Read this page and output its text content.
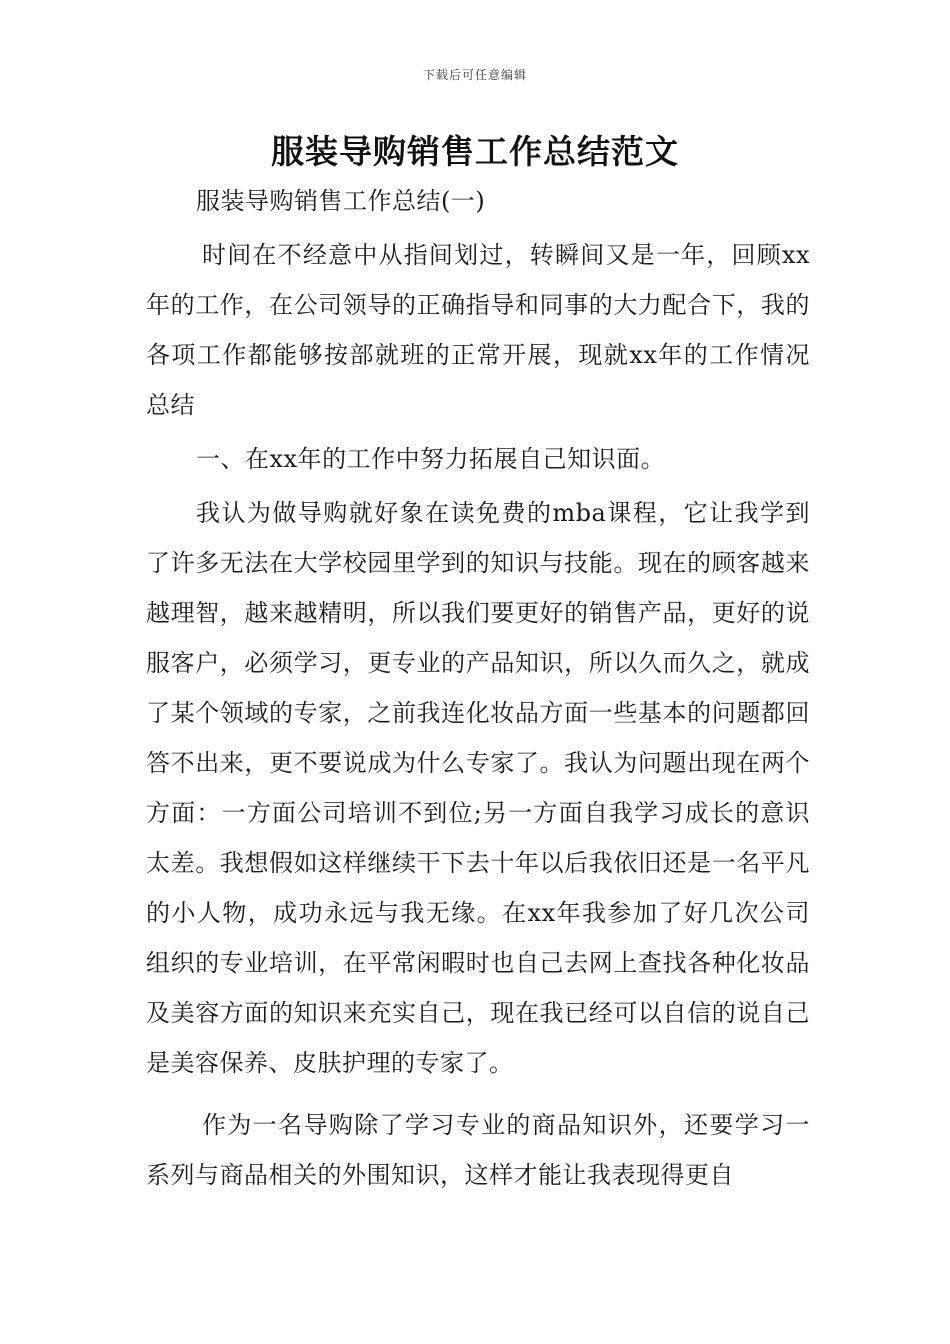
下载后可任意编辑
服装导购销售工作总结范文

服装导购销售工作总结(一)

时间在不经意中从指间划过，转瞬间又是一年，回顾xx年的工作，在公司领导的正确指导和同事的大力配合下，我的各项工作都能够按部就班的正常开展，现就xx年的工作情况总结

一、在xx年的工作中努力拓展自己知识面。

我认为做导购就好象在读免费的mba课程，它让我学到了许多无法在大学校园里学到的知识与技能。现在的顾客越来越理智，越来越精明，所以我们要更好的销售产品，更好的说服客户，必须学习，更专业的产品知识，所以久而久之，就成了某个领域的专家，之前我连化妆品方面一些基本的问题都回答不出来，更不要说成为什么专家了。我认为问题出现在两个方面：一方面公司培训不到位;另一方面自我学习成长的意识太差。我想假如这样继续干下去十年以后我依旧还是一名平凡的小人物，成功永远与我无缘。在xx年我参加了好几次公司组织的专业培训，在平常闲暇时也自己去网上查找各种化妆品及美容方面的知识来充实自己，现在我已经可以自信的说自己是美容保养、皮肤护理的专家了。

作为一名导购除了学习专业的商品知识外，还要学习一系列与商品相关的外围知识，这样才能让我表现得更自
